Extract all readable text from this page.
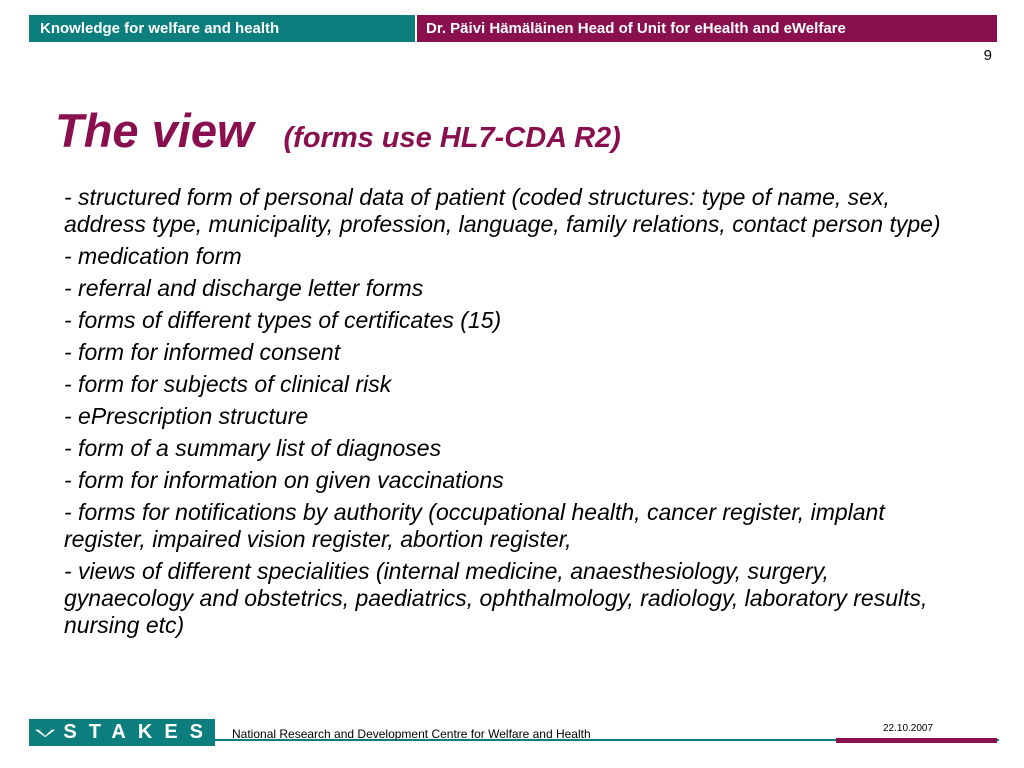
Knowledge for welfare and health	Dr. Päivi Hämäläinen Head of Unit for eHealth and eWelfare
9
The view (forms use HL7-CDA R2)
- structured form of personal data of patient (coded structures: type of name, sex, address type, municipality, profession, language, family relations, contact person type)
- medication form
- referral and discharge letter forms
- forms of different types of certificates (15)
- form for informed consent
- form for subjects of clinical risk
- ePrescription structure
- form of a summary list of diagnoses
- form for information on given vaccinations
- forms for notifications by authority (occupational health, cancer register, implant register, impaired vision register, abortion register,
- views of different specialities (internal medicine, anaesthesiology, surgery, gynaecology and obstetrics, paediatrics, ophthalmology, radiology, laboratory results, nursing etc)
STAKES National Research and Development Centre for Welfare and Health	22.10.2007
